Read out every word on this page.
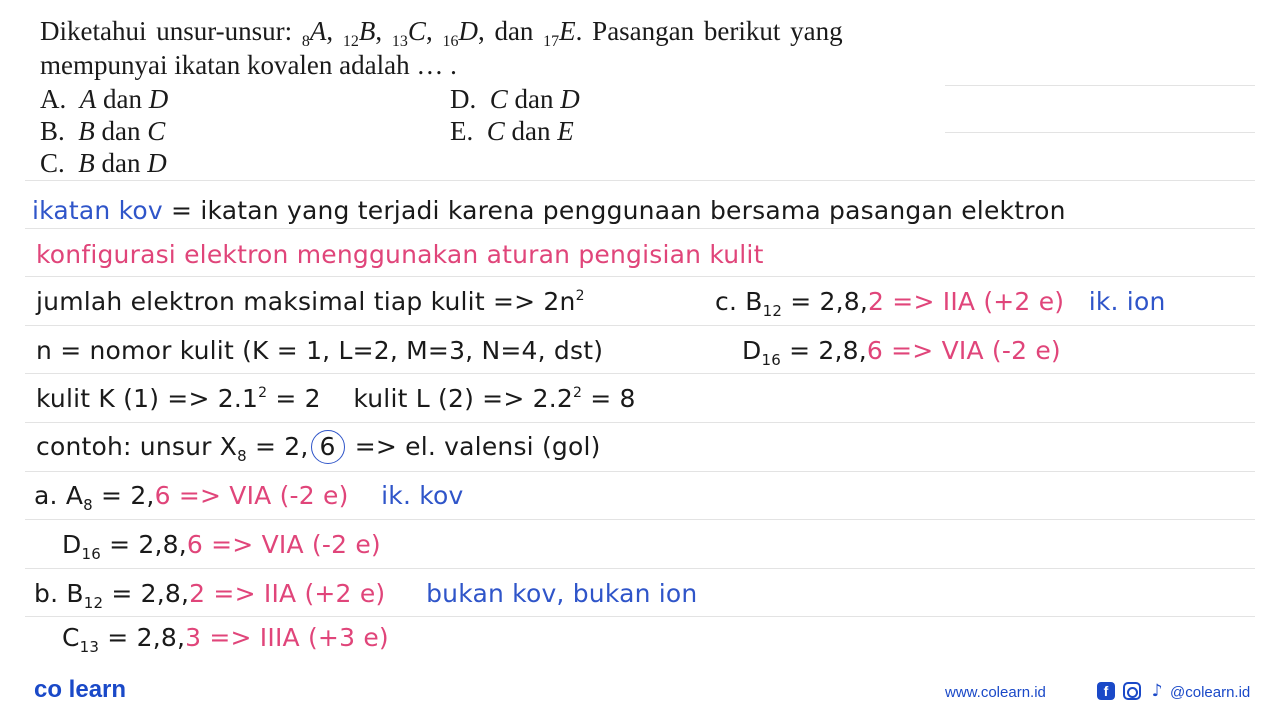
Diketahui unsur-unsur: $_8$A, $_{12}$B, $_{13}$C, $_{16}$D, dan $_{17}$E. Pasangan berikut yang
mempunyai ikatan kovalen adalah … .
A. A dan D
B. B dan C
C. B dan D
D. C dan D
E. C dan E
ikatan kov = ikatan yang terjadi karena penggunaan bersama pasangan elektron
konfigurasi elektron menggunakan aturan pengisian kulit
jumlah elektron maksimal tiap kulit => $2n^2$
n = nomor kulit (K = 1, L=2, M=3, N=4, dst)
kulit K $(1) => 2.1^2 = 2$ kulit L $(2) => 2.2^2 = 8$
contoh: unsur $X_8 = 2$, 6 => el. valensi (gol)
a. $A_8 = 2,6$ => VIA (-2 e) ik. kov
$D_{16} = 2,8,6$ => VIA (-2 e)
b. $B_{12} = 2,8,2$ => IIA (+2 e) bukan kov, bukan ion
$C_{13} = 2,8,3$ => IIIA (+3 e)
c. $B_{12} = 2,8,2$ => IIA (+2 e) ik. ion
$D_{16} = 2,8,6$ => VIA (-2 e)
co learn	www.colearn.id	f	♪ @colearn.id
